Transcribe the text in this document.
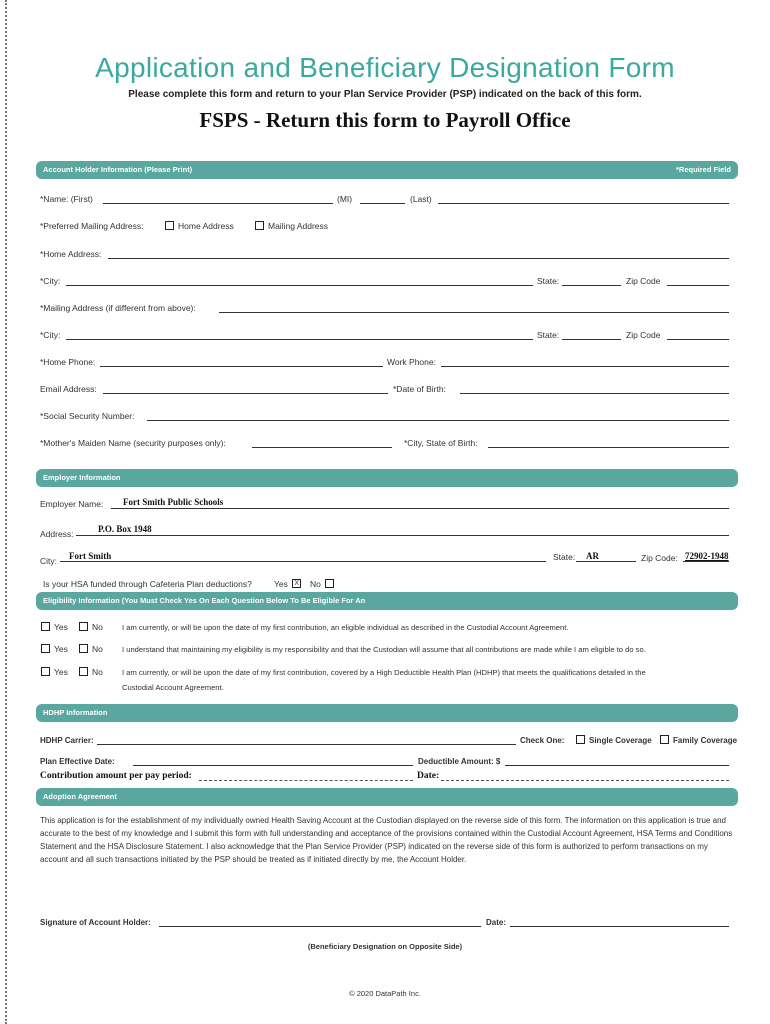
Application and Beneficiary Designation Form
Please complete this form and return to your Plan Service Provider (PSP) indicated on the back of this form.
FSPS - Return this form to Payroll Office
Account Holder Information (Please Print)	*Required Field
*Name: (First)	(MI)	(Last)
*Preferred Mailing Address:	Home Address	Mailing Address
*Home Address:
*City:	State:	Zip Code
*Mailing Address (if different from above):
*City:	State:	Zip Code
*Home Phone:	Work Phone:
Email Address:	*Date of Birth:
*Social Security Number:
*Mother's Maiden Name (security purposes only):	*City, State of Birth:
Employer Information
Employer Name: Fort Smith Public Schools
Address:	P.O. Box 1948
City: Fort Smith	State: AR	Zip Code: 72902-1948
Is your HSA funded through Cafeteria Plan deductions?	Yes X	No
Eligibility Information (You Must Check Yes On Each Question Below To Be Eligible For An
Yes	No	I am currently, or will be upon the date of my first contribution, an eligible individual as described in the Custodial Account Agreement.
Yes	No	I understand that maintaining my eligibility is my responsibility and that the Custodian will assume that all contributions are made while I am eligible to do so.
Yes	No	I am currently, or will be upon the date of my first contribution, covered by a High Deductible Health Plan (HDHP) that meets the qualifications detailed in the
Custodial Account Agreement.
HDHP Information
HDHP Carrier:	Check One:	Single Coverage	Family Coverage
Plan Effective Date:	Deductible Amount: $
Contribution amount per pay period:	Date:
Adoption Agreement
This application is for the establishment of my individually owned Health Saving Account at the Custodian displayed on the reverse side of this form. The information on this application is true and accurate to the best of my knowledge and I submit this form with full understanding and acceptance of the provisions contained within the Custodial Account Agreement, HSA Terms and Conditions Statement and the HSA Disclosure Statement. I also acknowledge that the Plan Service Provider (PSP) indicated on the reverse side of this form is authorized to perform transactions on my account and all such transactions initiated by the PSP should be treated as if initiated directly by me, the Account Holder.
Signature of Account Holder:	Date:
(Beneficiary Designation on Opposite Side)
© 2020 DataPath Inc.
